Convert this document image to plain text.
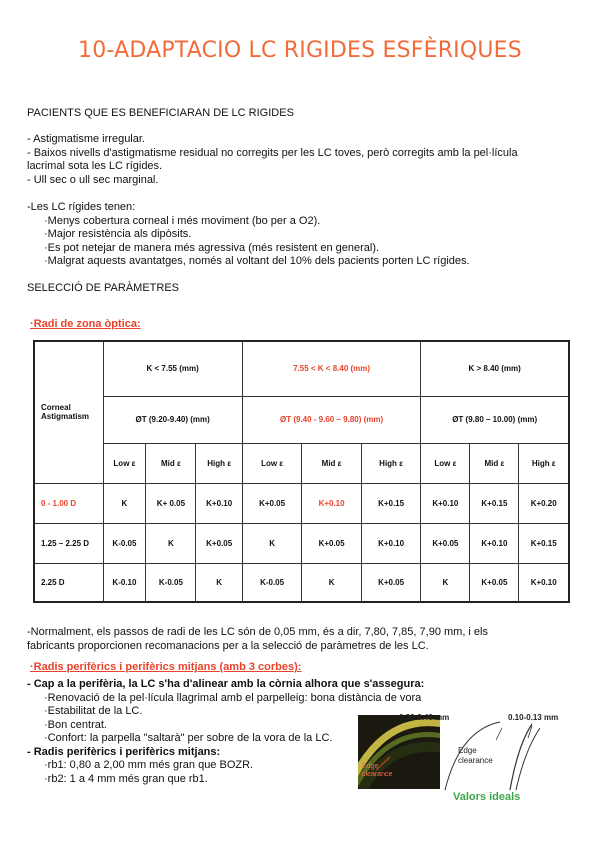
10-ADAPTACIO LC RIGIDES ESFÈRIQUES
PACIENTS QUE ES BENEFICIARAN DE LC RIGIDES
- Astigmatisme irregular.
- Baixos nivells d'astigmatisme residual no corregits per les LC toves, però corregits amb la pel·lícula
lacrimal sota les LC rígides.
- Ull sec o ull sec marginal.
-Les LC rígides tenen:
·Menys cobertura corneal i més moviment (bo per a O2).
·Major resistència als dipòsits.
·Es pot netejar de manera més agressiva (més resistent en general).
·Malgrat aquests avantatges, només al voltant del 10% dels pacients porten LC rígides.
SELECCIÓ DE PARÀMETRES
·Radi de zona òptica:
Corneal Astigmatism	K < 7.55 (mm)			7.55 < K < 8.40 (mm)			K > 8.40 (mm)		
	ØT (9.20-9.40) (mm)			ØT (9.40 - 9.60 – 9.80) (mm)			ØT (9.80 – 10.00) (mm)		
	Low ε	Mid ε	High ε	Low ε	Mid ε	High ε	Low ε	Mid ε	High ε
0 - 1.00 D	K	K+ 0.05	K+0.10	K+0.05	K+0.10	K+0.15	K+0.10	K+0.15	K+0.20
1.25 – 2.25 D	K-0.05	K	K+0.05	K	K+0.05	K+0.10	K+0.05	K+0.10	K+0.15
2.25 D	K-0.10	K-0.05	K	K-0.05	K	K+0.05	K	K+0.05	K+0.10
-Normalment, els passos de radi de les LC són de 0,05 mm, és a dir, 7,80, 7,85, 7,90 mm, i els
fabricants proporcionen recomanacions per a la selecció de paràmetres de les LC.
·Radis perifèrics i perifèrics mitjans (amb 3 corbes):
- Cap a la perifèria, la LC s'ha d'alinear amb la còrnia alhora que s'assegura:
·Renovació de la pel·lícula llagrimal amb el parpelleig: bona distància de vora
·Estabilitat de la LC.
·Bon centrat.
·Confort: la parpella "saltarà" per sobre de la vora de la LC.
- Radis perifèrics i perifèrics mitjans:
·rb1: 0,80 a 2,00 mm més gran que BOZR.
·rb2: 1 a 4 mm més gran que rb1.
Edge clearance
0.30-0.40 mm	0.10-0.13 mm
Edge clearance
Valors ideals
